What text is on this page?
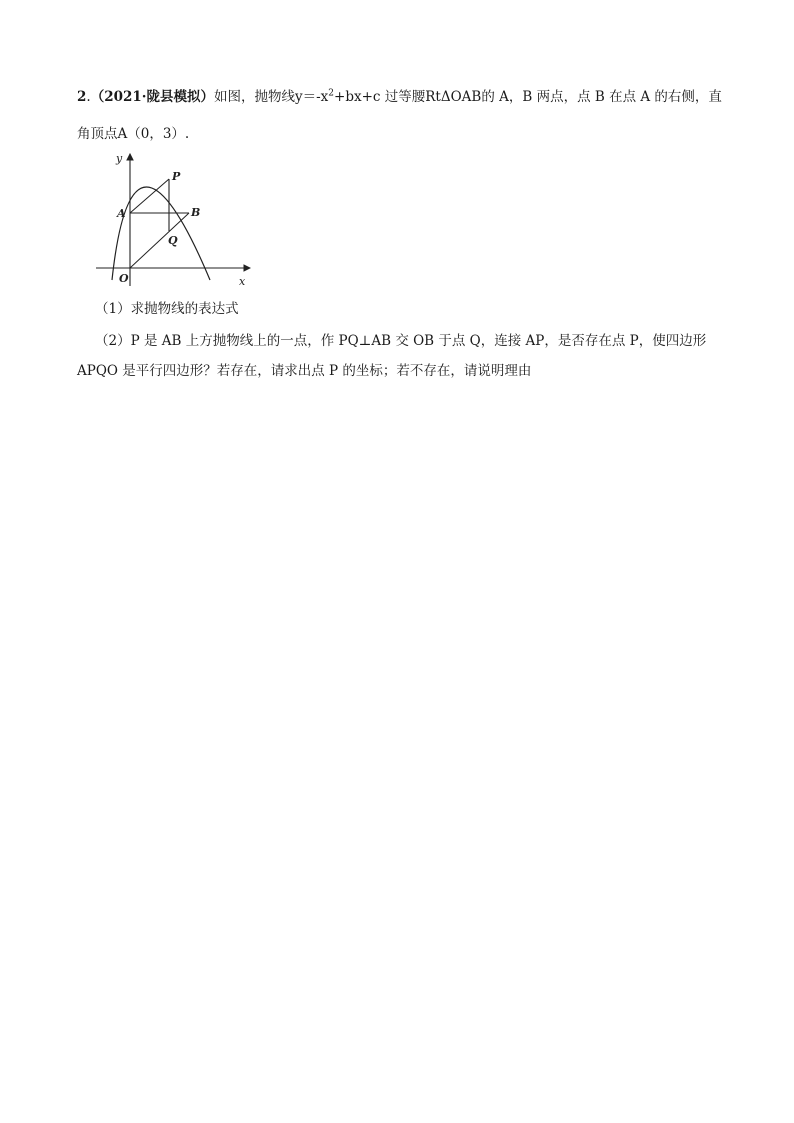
2.（2021·陇县模拟）如图，抛物线$y=-x^2+bx+c$ 过等腰RtΔOAB的 A，B 两点，点 B 在点 A 的右侧，直
角顶点A（0，3）.
y
x
O
A	B
P
Q
（1）求抛物线的表达式
（2）P 是 AB 上方抛物线上的一点，作 PQ⊥AB 交 OB 于点 Q，连接 AP，是否存在点 P，使四边形
APQO 是平行四边形？若存在，请求出点 P 的坐标；若不存在，请说明理由
